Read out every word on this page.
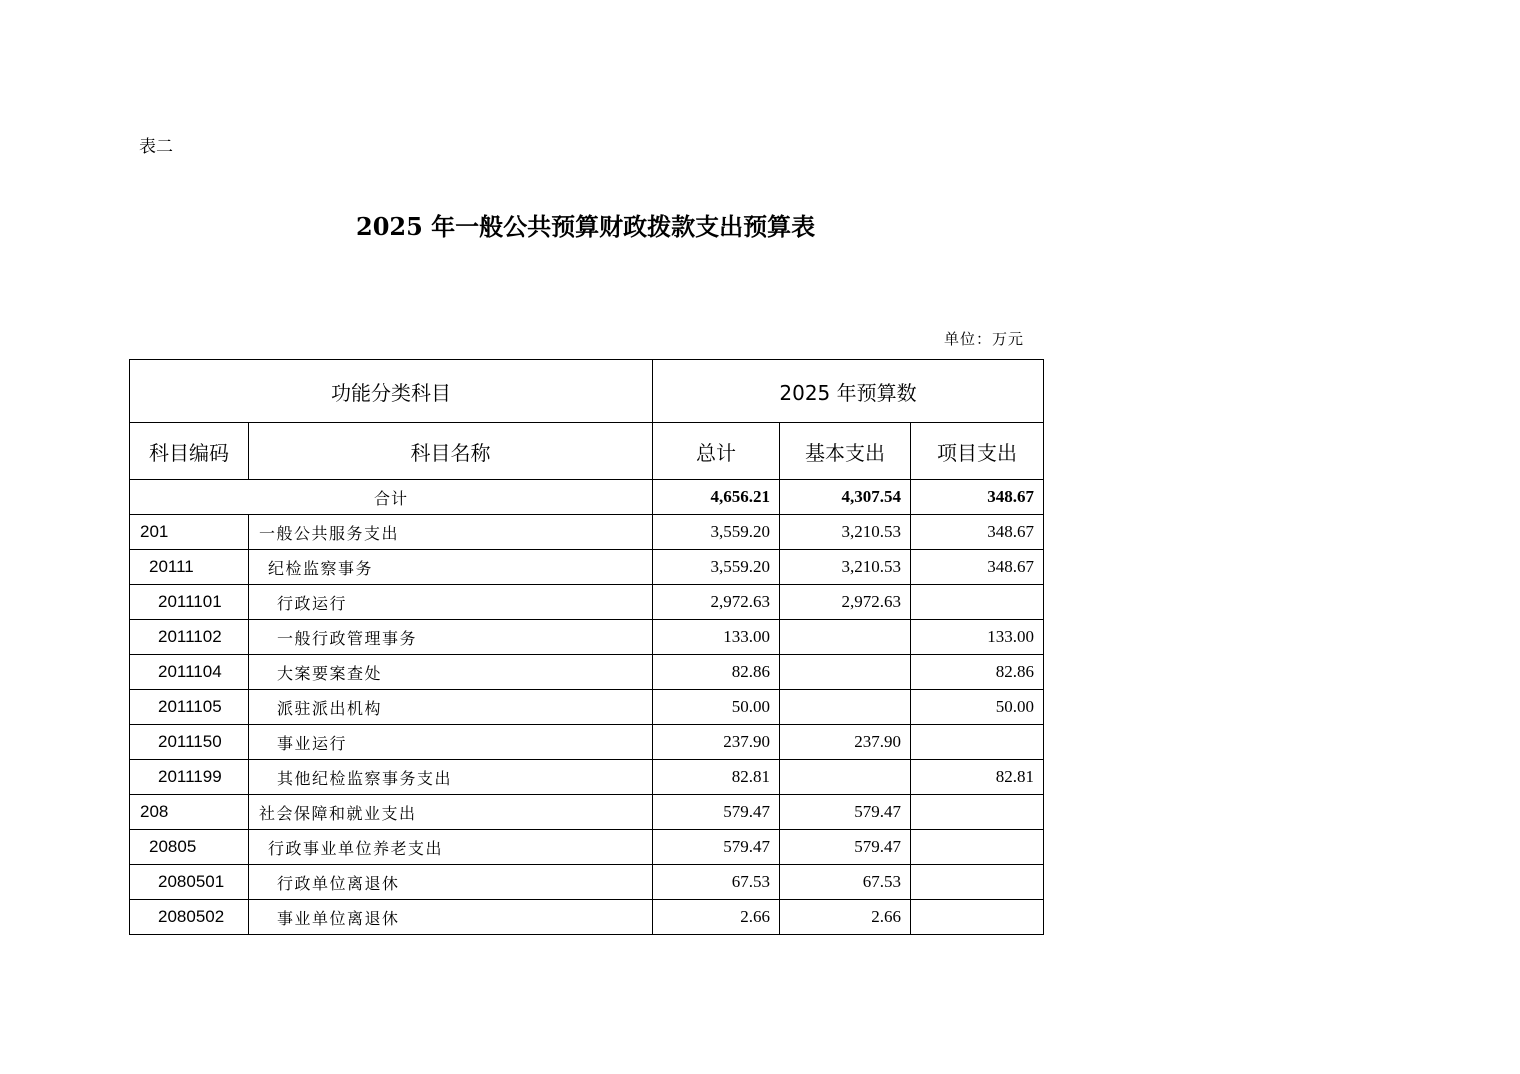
表二
2025 年一般公共预算财政拨款支出预算表
单位：万元
功能分类科目		2025 年预算数		
科目编码	科目名称	总计	基本支出	项目支出
合计		4,656.21	4,307.54	348.67
201	一般公共服务支出	3,559.20	3,210.53	348.67
20111	纪检监察事务	3,559.20	3,210.53	348.67
2011101	行政运行	2,972.63	2,972.63	
2011102	一般行政管理事务	133.00		133.00
2011104	大案要案查处	82.86		82.86
2011105	派驻派出机构	50.00		50.00
2011150	事业运行	237.90	237.90	
2011199	其他纪检监察事务支出	82.81		82.81
208	社会保障和就业支出	579.47	579.47	
20805	行政事业单位养老支出	579.47	579.47	
2080501	行政单位离退休	67.53	67.53	
2080502	事业单位离退休	2.66	2.66	
